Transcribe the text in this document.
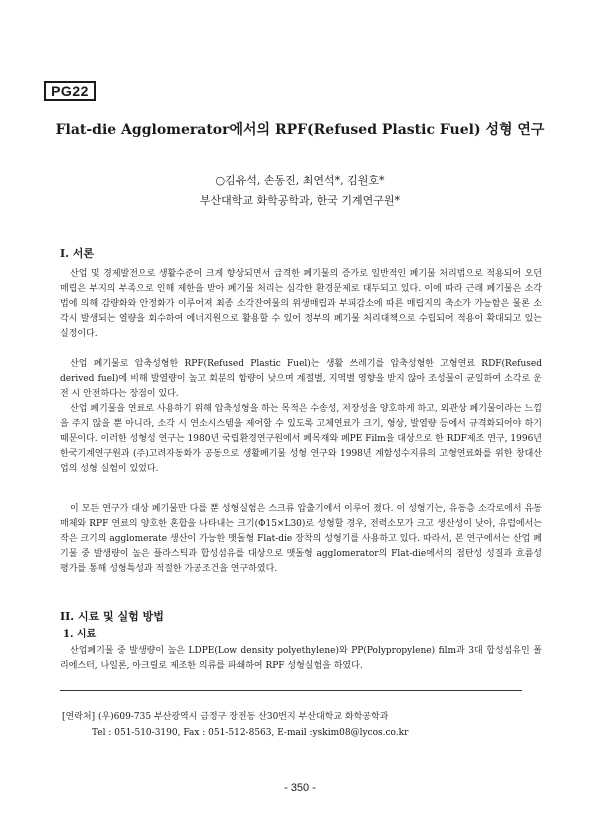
PG22
Flat-die Agglomerator에서의 RPF(Refused Plastic Fuel) 성형 연구
○김유석, 손동진, 최연석*, 김원호*
부산대학교 화학공학과, 한국 기계연구원*
I. 서론

산업 및 경제발전으로 생활수준이 크게 향상되면서 급격한 폐기물의 증가로 일반적인 폐기물 처리법으로 적용되어 오던 매립은 부지의 부족으로 인해 제한을 받아 폐기물 처리는 심각한 환경문제로 대두되고 있다. 이에 따라 근래 폐기물은 소각법에 의해 감량화와 안정화가 이루어져 최종 소각잔여물의 위생매립과 부피감소에 따른 매립지의 축소가 가능함은 물론 소각시 발생되는 열량을 회수하여 에너지원으로 활용할 수 있어 정부의 폐기물 처리대책으로 수립되어 적용이 확대되고 있는 실정이다.

산업 폐기물로 압축성형한 RPF(Refused Plastic Fuel)는 생활 쓰레기를 압축성형한 고형연료 RDF(Refused derived fuel)에 비해 발열량이 높고 회분의 함량이 낮으며 계절별, 지역별 영향을 받지 않아 조성물이 균일하여 소각로 운전 시 안전하다는 장점이 있다.

산업 폐기물을 연료로 사용하기 위해 압축성형을 하는 목적은 수송성, 저장성을 양호하게 하고, 외관상 폐기물이라는 느낌을 주지 않을 뿐 아니라, 소각 시 연소시스템을 제어할 수 있도록 고체연료가 크기, 형상, 발열량 등에서 규격화되어야 하기 때문이다. 이러한 성형성 연구는 1980년 국립환경연구원에서 폐목재와 폐PE Film을 대상으로 한 RDF제조 연구, 1996년 한국기계연구원과 (주)고려자동화가 공동으로 생활폐기물 성형 연구와 1998년 계함성수지류의 고형연료화를 위한 창대산업의 성형 실험이 있었다.

이 모든 연구가 대상 폐기물만 다를 뿐 성형실험은 스크류 압출기에서 이루어 졌다. 이 성형기는, 유동층 소각로에서 유동매체와 RPF 연료의 양호한 혼합을 나타내는 크기(Φ15×L30)로 성형할 경우, 전력소모가 크고 생산성이 낮아, 유럽에서는 작은 크기의 agglomerate 생산이 가능한 맷돌형 Flat-die 장착의 성형기를 사용하고 있다. 따라서, 본 연구에서는 산업 폐기물 중 발생량이 높은 플라스틱과 합성섬유를 대상으로 맷돌형 agglomerator의 Flat-die에서의 점탄성 성질과 흐름성 평가를 통해 성형특성과 적절한 가공조건을 연구하였다.

II. 시료 및 실험 방법
1. 시료

산업폐기물 중 발생량이 높은 LDPE(Low density polyethylene)와 PP(Polypropylene) film과 3대 합성섬유인 폴리에스터, 나일론, 아크릴로 제조한 의류를 파쇄하여 RPF 성형실험을 하였다.

[연락처] (우)609-735 부산광역시 금정구 장전동 산30번지 부산대학교 화학공학과
Tel : 051-510-3190, Fax : 051-512-8563, E-mail :yskim08@lycos.co.kr
- 350 -
